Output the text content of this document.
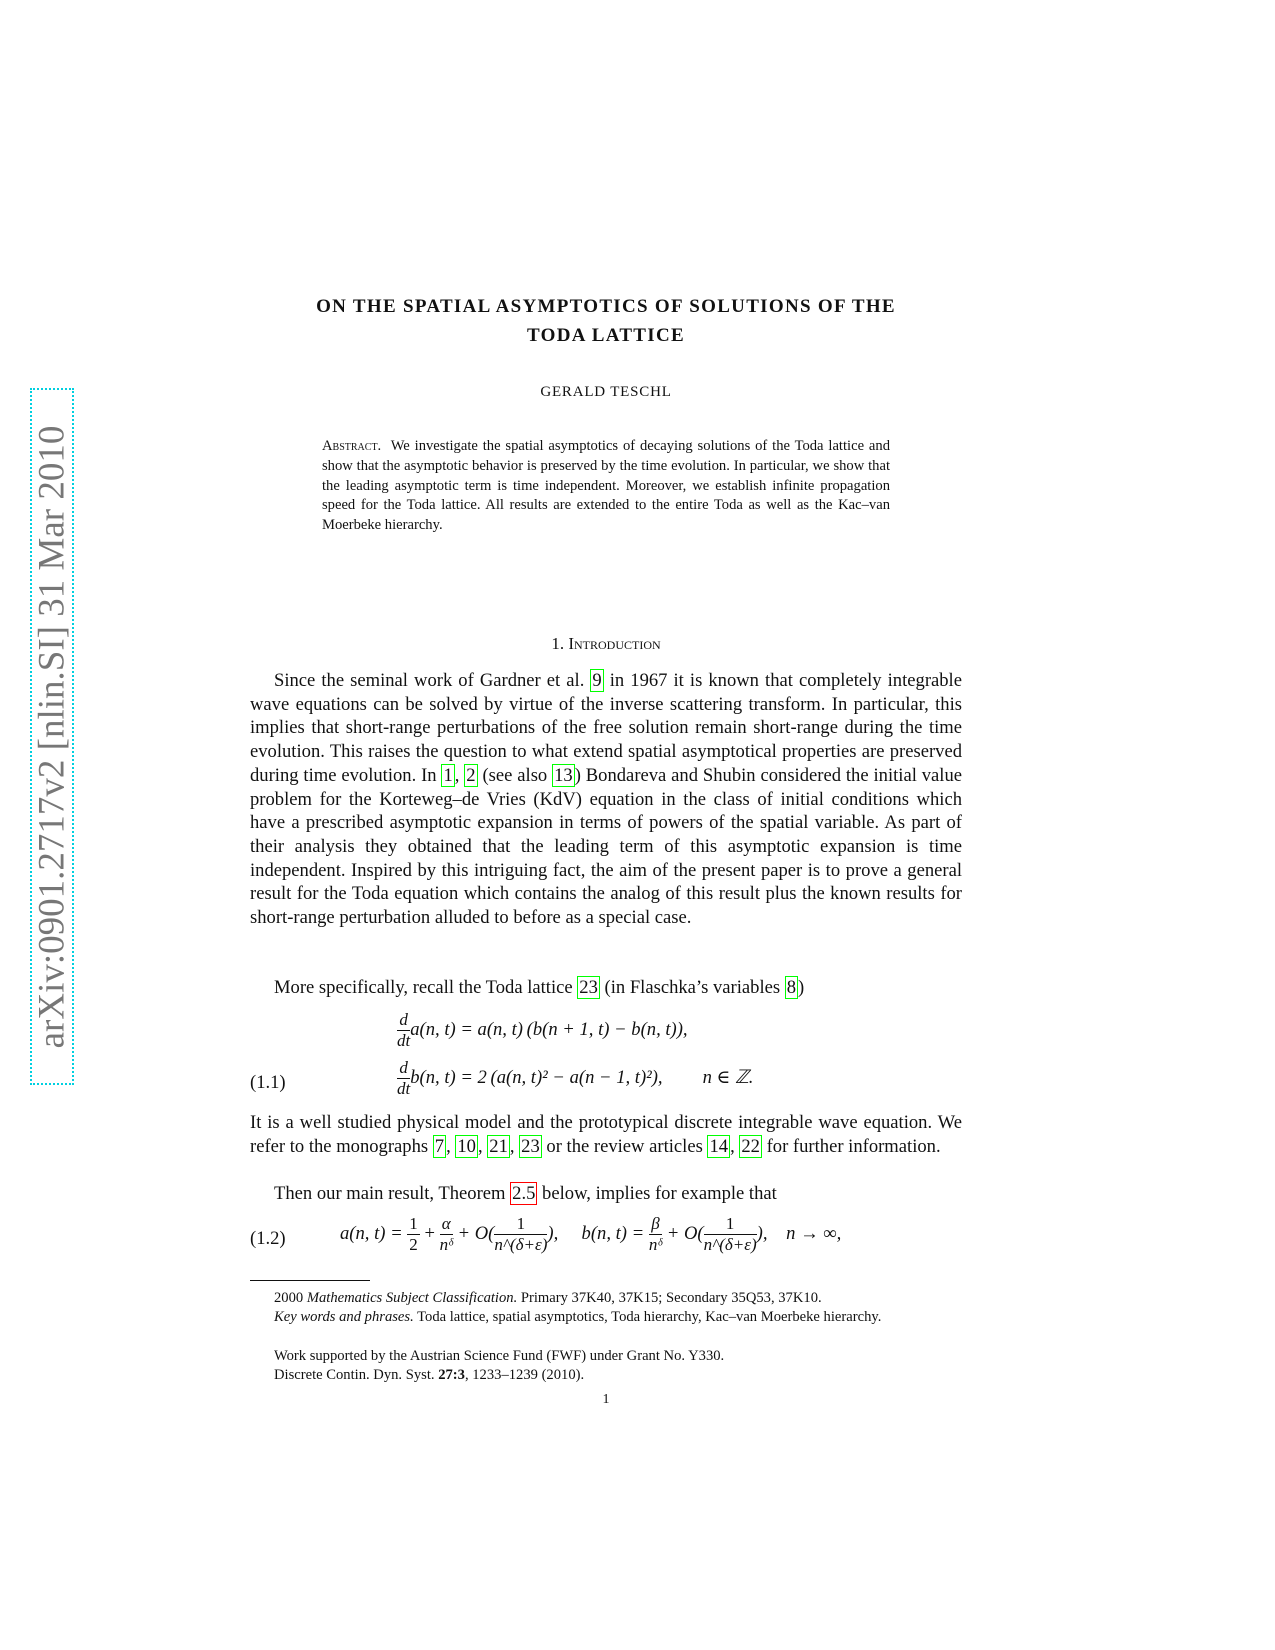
arXiv:0901.2717v2 [nlin.SI] 31 Mar 2010
ON THE SPATIAL ASYMPTOTICS OF SOLUTIONS OF THE
TODA LATTICE
GERALD TESCHL
Abstract. We investigate the spatial asymptotics of decaying solutions of the Toda lattice and show that the asymptotic behavior is preserved by the time evolution. In particular, we show that the leading asymptotic term is time independent. Moreover, we establish infinite propagation speed for the Toda lattice. All results are extended to the entire Toda as well as the Kac–van Moerbeke hierarchy.
1. Introduction
Since the seminal work of Gardner et al. 9 in 1967 it is known that completely integrable wave equations can be solved by virtue of the inverse scattering transform. In particular, this implies that short-range perturbations of the free solution remain short-range during the time evolution. This raises the question to what extend spatial asymptotical properties are preserved during time evolution. In 1 , 2 (see also 13 ) Bondareva and Shubin considered the initial value problem for the Korteweg–de Vries (KdV) equation in the class of initial conditions which have a prescribed asymptotic expansion in terms of powers of the spatial variable. As part of their analysis they obtained that the leading term of this asymptotic expansion is time independent. Inspired by this intriguing fact, the aim of the present paper is to prove a general result for the Toda equation which contains the analog of this result plus the known results for short-range perturbation alluded to before as a special case.
More specifically, recall the Toda lattice 23 (in Flaschka’s variables 8 )
$\frac{d}{dt} a(n$, t) = a(n, t) (b(n + 1, t) − b(n, t)),
$\frac{d}{dt} b(n$, t) = 2 (a(n, t)² − a(n − 1, t)²), n ∈ ℤ.
(1.1)
It is a well studied physical model and the prototypical discrete integrable wave equation. We refer to the monographs 7 , 10 , 21 , 23 or the review articles 14 , 22 for further information.
Then our main result, Theorem 2.5 below, implies for example that
(1.2)	a(n, $t) = \frac{1}{2} + \frac{\alpha}{\text{nᵟ}} + O( \frac{1}{n\^{}(\delta+\varepsilon)}$ ), b(n, $t) = \frac{\beta}{\text{nᵟ}} + O( \frac{1}{n\^{}(\delta+\varepsilon)}$ ), n → ∞,
2000 Mathematics Subject Classification. Primary 37K40, 37K15; Secondary 35Q53, 37K10.
Key words and phrases. Toda lattice, spatial asymptotics, Toda hierarchy, Kac–van Moerbeke hierarchy.
Work supported by the Austrian Science Fund (FWF) under Grant No. Y330.
Discrete Contin. Dyn. Syst. 27:3, 1233–1239 (2010).
1
